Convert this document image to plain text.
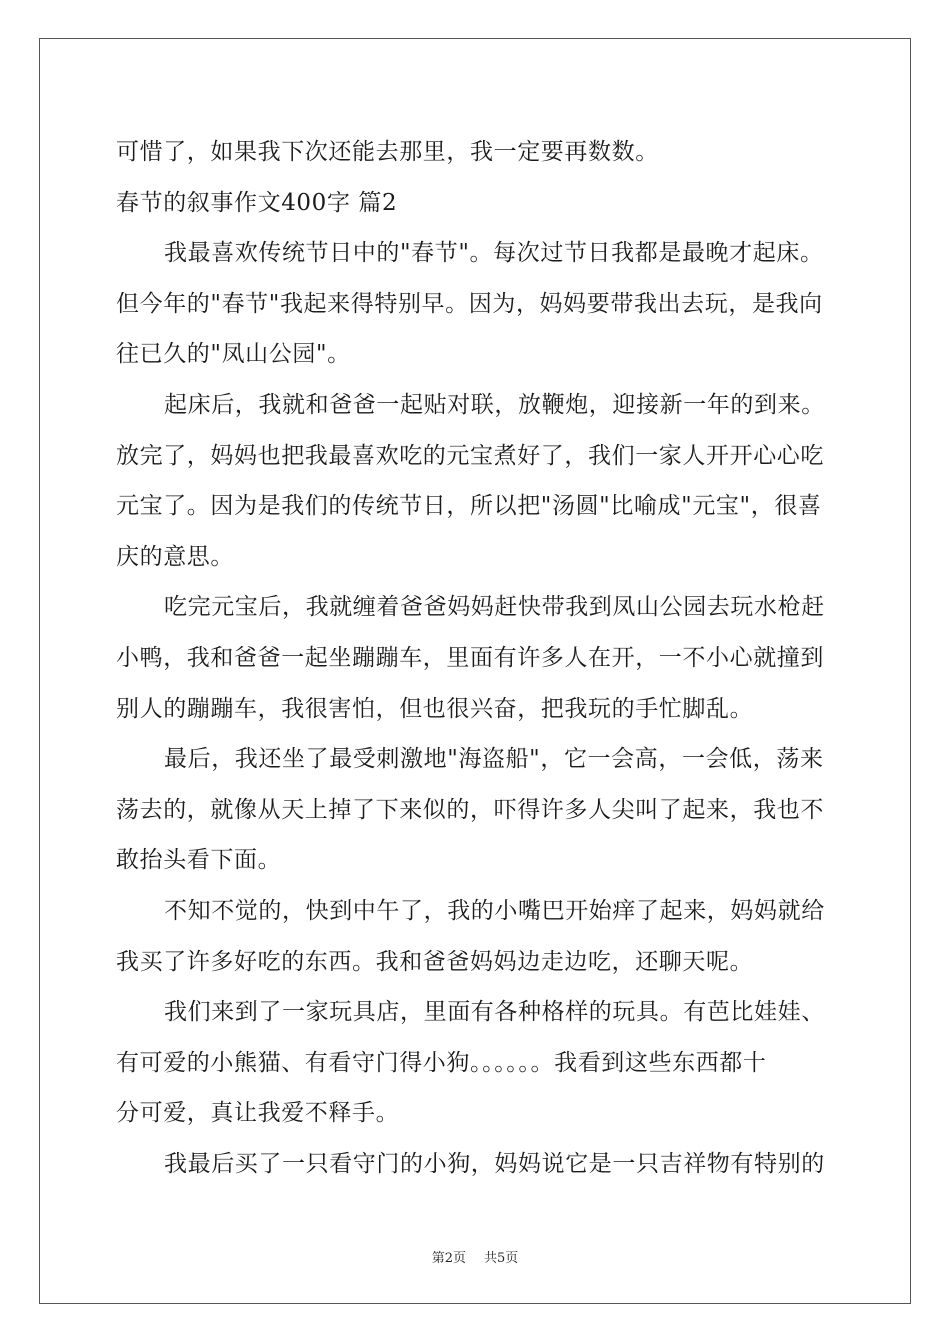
可惜了，如果我下次还能去那里，我一定要再数数。
春节的叙事作文400字 篇2
我最喜欢传统节日中的"春节"。每次过节日我都是最晚才起床。
但今年的"春节"我起来得特别早。因为，妈妈要带我出去玩，是我向
往已久的"凤山公园"。
起床后，我就和爸爸一起贴对联，放鞭炮，迎接新一年的到来。
放完了，妈妈也把我最喜欢吃的元宝煮好了，我们一家人开开心心吃
元宝了。因为是我们的传统节日，所以把"汤圆"比喻成"元宝"，很喜
庆的意思。
吃完元宝后，我就缠着爸爸妈妈赶快带我到凤山公园去玩水枪赶
小鸭，我和爸爸一起坐蹦蹦车，里面有许多人在开，一不小心就撞到
别人的蹦蹦车，我很害怕，但也很兴奋，把我玩的手忙脚乱。
最后，我还坐了最受刺激地"海盗船"，它一会高，一会低，荡来
荡去的，就像从天上掉了下来似的，吓得许多人尖叫了起来，我也不
敢抬头看下面。
不知不觉的，快到中午了，我的小嘴巴开始痒了起来，妈妈就给
我买了许多好吃的东西。我和爸爸妈妈边走边吃，还聊天呢。
我们来到了一家玩具店，里面有各种格样的玩具。有芭比娃娃、
有可爱的小熊猫、有看守门得小狗。。。。。。我看到这些东西都十
分可爱，真让我爱不释手。
我最后买了一只看守门的小狗，妈妈说它是一只吉祥物有特别的
第2页 共5页
